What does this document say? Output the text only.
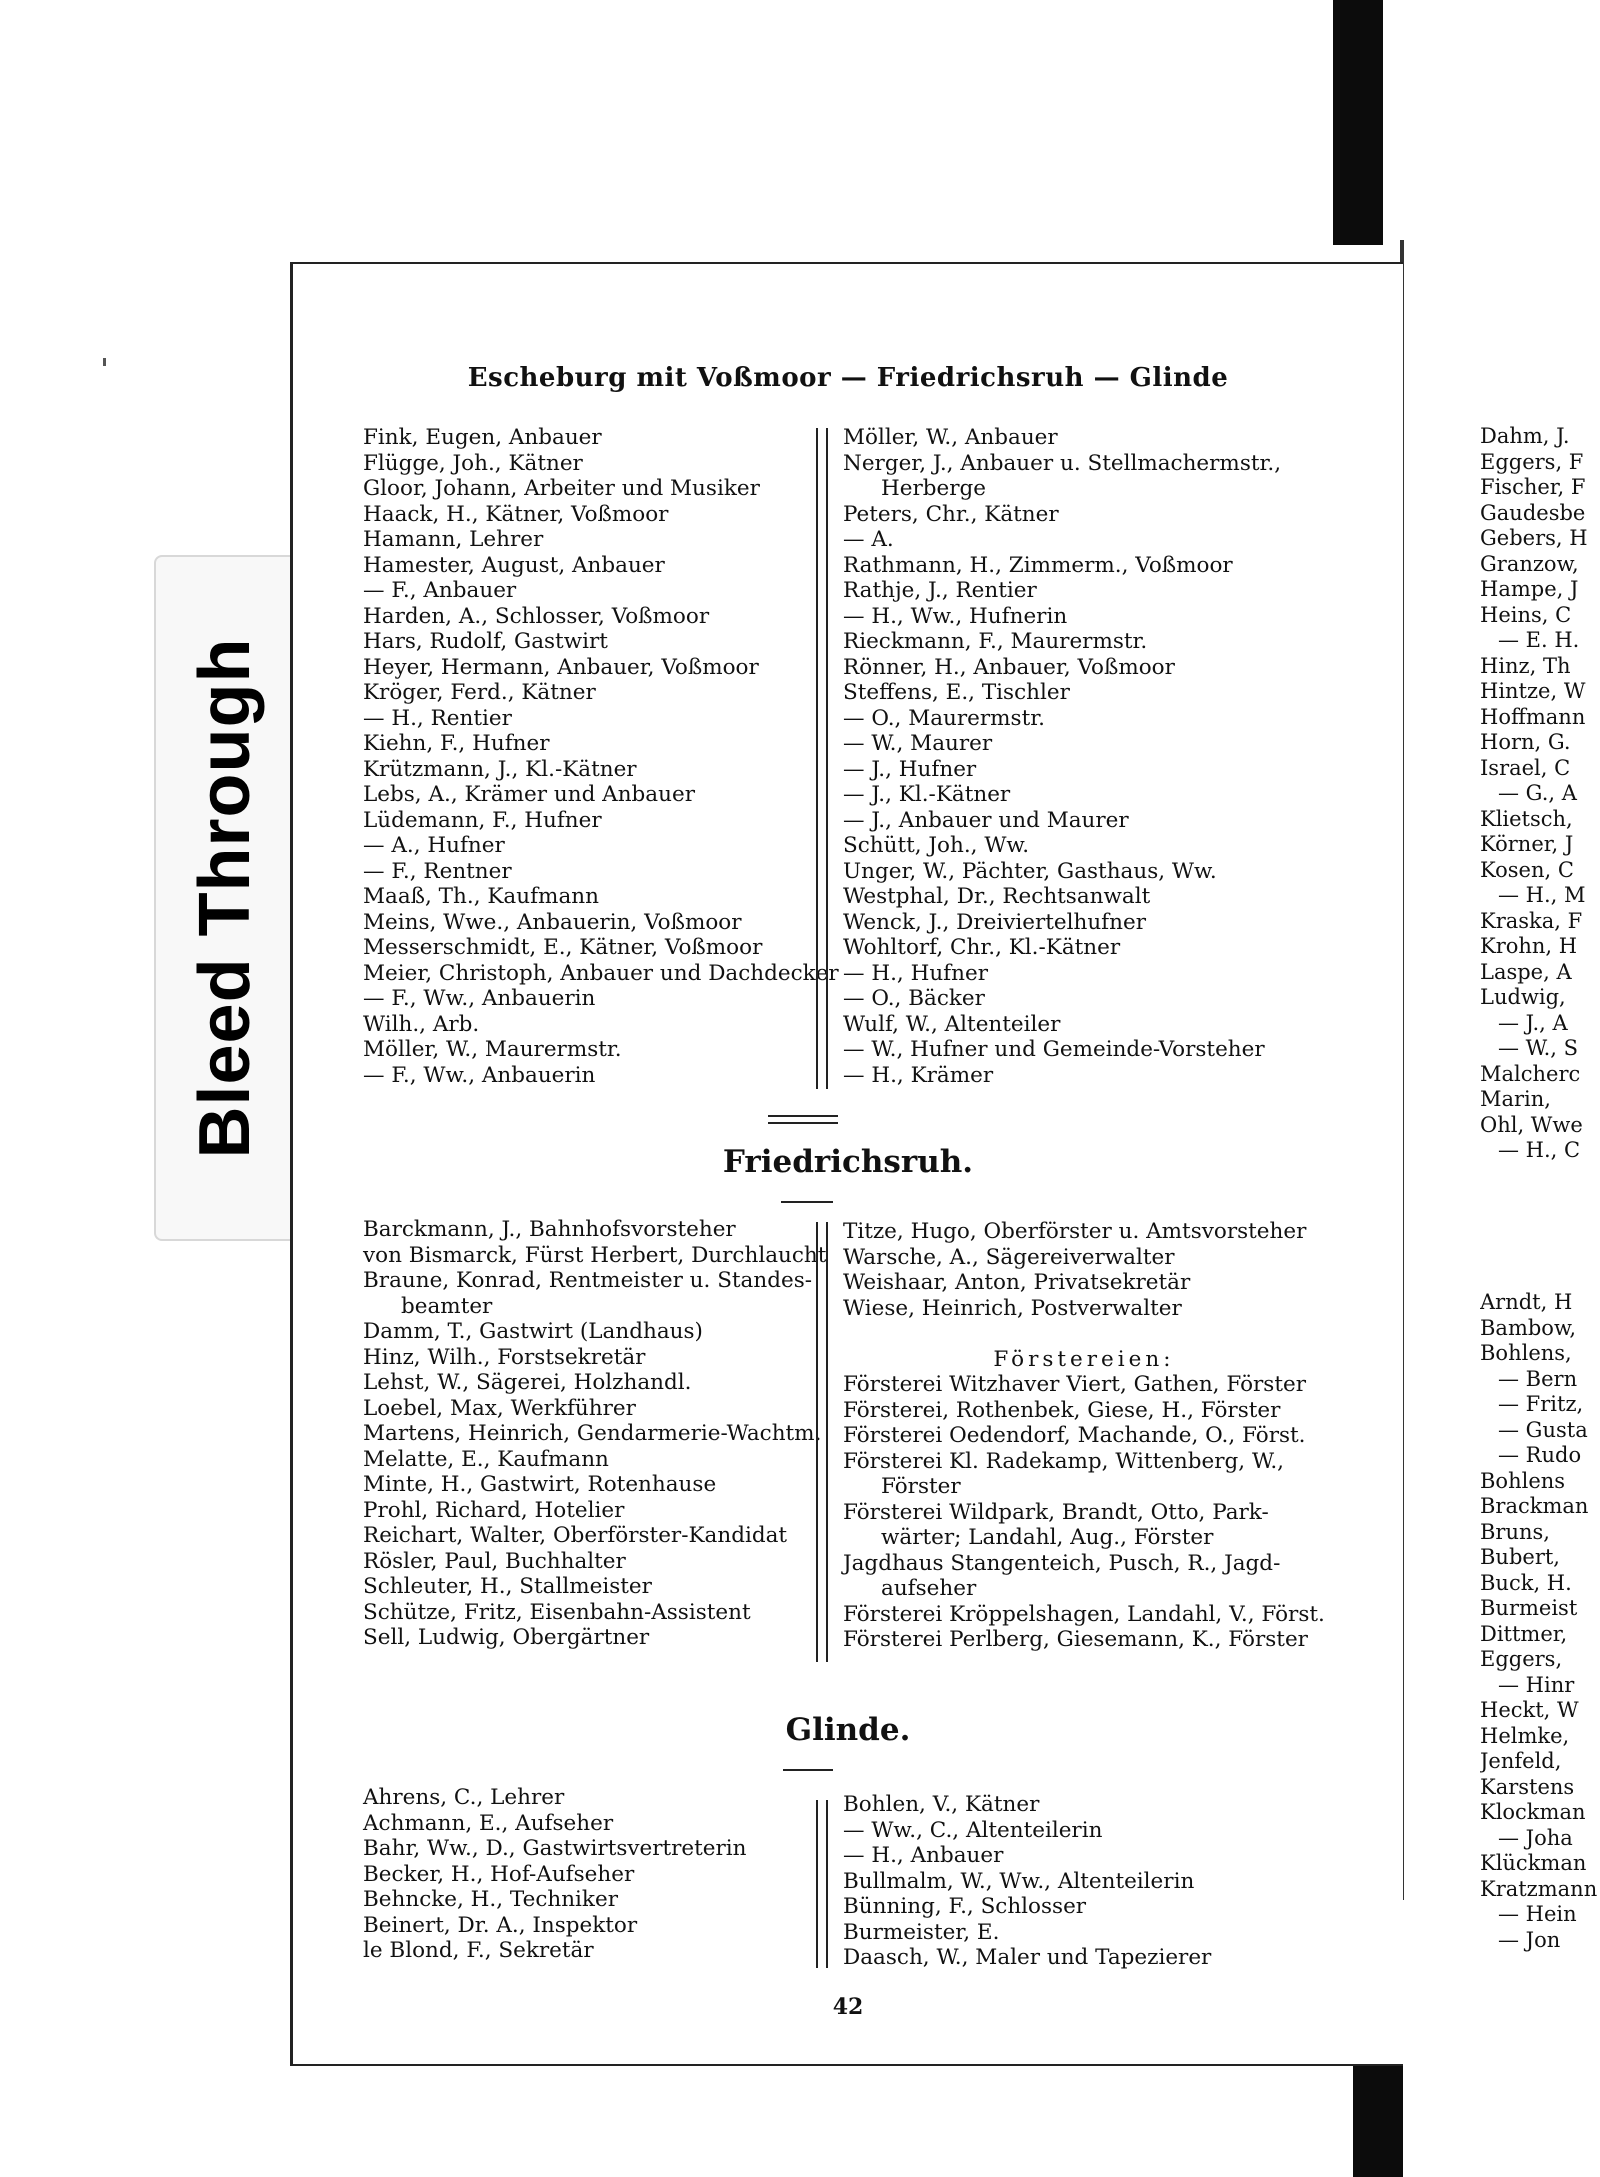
Bleed Through
Escheburg mit Voßmoor — Friedrichsruh — Glinde
Fink, Eugen, Anbauer
Flügge, Joh., Kätner
Gloor, Johann, Arbeiter und Musiker
Haack, H., Kätner, Voßmoor
Hamann, Lehrer
Hamester, August, Anbauer
— F., Anbauer
Harden, A., Schlosser, Voßmoor
Hars, Rudolf, Gastwirt
Heyer, Hermann, Anbauer, Voßmoor
Kröger, Ferd., Kätner
— H., Rentier
Kiehn, F., Hufner
Krützmann, J., Kl.-Kätner
Lebs, A., Krämer und Anbauer
Lüdemann, F., Hufner
— A., Hufner
— F., Rentner
Maaß, Th., Kaufmann
Meins, Wwe., Anbauerin, Voßmoor
Messerschmidt, E., Kätner, Voßmoor
Meier, Christoph, Anbauer und Dachdecker
— F., Ww., Anbauerin
Wilh., Arb.
Möller, W., Maurermstr.
— F., Ww., Anbauerin
Möller, W., Anbauer
Nerger, J., Anbauer u. Stellmachermstr.,
Herberge
Peters, Chr., Kätner
— A.
Rathmann, H., Zimmerm., Voßmoor
Rathje, J., Rentier
— H., Ww., Hufnerin
Rieckmann, F., Maurermstr.
Rönner, H., Anbauer, Voßmoor
Steffens, E., Tischler
— O., Maurermstr.
— W., Maurer
— J., Hufner
— J., Kl.-Kätner
— J., Anbauer und Maurer
Schütt, Joh., Ww.
Unger, W., Pächter, Gasthaus, Ww.
Westphal, Dr., Rechtsanwalt
Wenck, J., Dreiviertelhufner
Wohltorf, Chr., Kl.-Kätner
— H., Hufner
— O., Bäcker
Wulf, W., Altenteiler
— W., Hufner und Gemeinde-Vorsteher
— H., Krämer
Friedrichsruh.
Barckmann, J., Bahnhofsvorsteher
von Bismarck, Fürst Herbert, Durchlaucht
Braune, Konrad, Rentmeister u. Standes-
beamter
Damm, T., Gastwirt (Landhaus)
Hinz, Wilh., Forstsekretär
Lehst, W., Sägerei, Holzhandl.
Loebel, Max, Werkführer
Martens, Heinrich, Gendarmerie-Wachtm.
Melatte, E., Kaufmann
Minte, H., Gastwirt, Rotenhause
Prohl, Richard, Hotelier
Reichart, Walter, Oberförster-Kandidat
Rösler, Paul, Buchhalter
Schleuter, H., Stallmeister
Schütze, Fritz, Eisenbahn-Assistent
Sell, Ludwig, Obergärtner
Titze, Hugo, Oberförster u. Amtsvorsteher
Warsche, A., Sägereiverwalter
Weishaar, Anton, Privatsekretär
Wiese, Heinrich, Postverwalter
Förstereien:
Försterei Witzhaver Viert, Gathen, Förster
Försterei, Rothenbek, Giese, H., Förster
Försterei Oedendorf, Machande, O., Först.
Försterei Kl. Radekamp, Wittenberg, W.,
Förster
Försterei Wildpark, Brandt, Otto, Park-
wärter; Landahl, Aug., Förster
Jagdhaus Stangenteich, Pusch, R., Jagd-
aufseher
Försterei Kröppelshagen, Landahl, V., Först.
Försterei Perlberg, Giesemann, K., Förster
Glinde.
Ahrens, C., Lehrer
Achmann, E., Aufseher
Bahr, Ww., D., Gastwirtsvertreterin
Becker, H., Hof-Aufseher
Behncke, H., Techniker
Beinert, Dr. A., Inspektor
le Blond, F., Sekretär
Bohlen, V., Kätner
— Ww., C., Altenteilerin
— H., Anbauer
Bullmalm, W., Ww., Altenteilerin
Bünning, F., Schlosser
Burmeister, E.
Daasch, W., Maler und Tapezierer
42
Dahm, J.
Eggers, F
Fischer, F
Gaudesbe
Gebers, H
Granzow,
Hampe, J
Heins, C
— E. H.
Hinz, Th
Hintze, W
Hoffmann
Horn, G.
Israel, C
— G., A
Klietsch,
Körner, J
Kosen, C
— H., M
Kraska, F
Krohn, H
Laspe, A
Ludwig,
— J., A
— W., S
Malcherc
Marin,
Ohl, Wwe
— H., C
Arndt, H
Bambow,
Bohlens,
— Bern
— Fritz,
— Gusta
— Rudo
Bohlens
Brackman
Bruns,
Bubert,
Buck, H.
Burmeist
Dittmer,
Eggers,
— Hinr
Heckt, W
Helmke,
Jenfeld,
Karstens
Klockman
— Joha
Klückman
Kratzmann
— Hein
— Jon
